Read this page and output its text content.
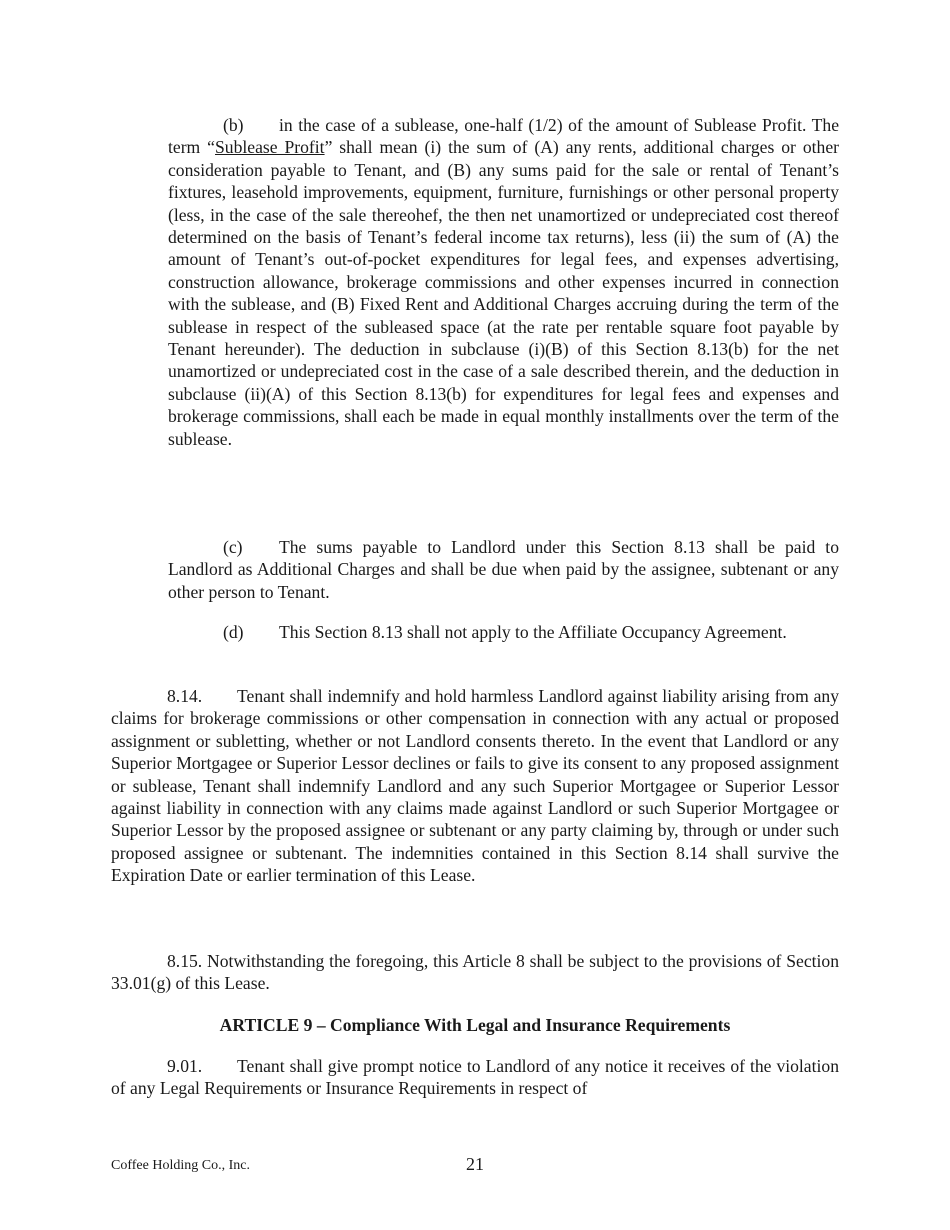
(b) in the case of a sublease, one-half (1/2) of the amount of Sublease Profit. The term “Sublease Profit” shall mean (i) the sum of (A) any rents, additional charges or other consideration payable to Tenant, and (B) any sums paid for the sale or rental of Tenant’s fixtures, leasehold improvements, equipment, furniture, furnishings or other personal property (less, in the case of the sale thereohef, the then net unamortized or undepreciated cost thereof determined on the basis of Tenant’s federal income tax returns), less (ii) the sum of (A) the amount of Tenant’s out-of-pocket expenditures for legal fees, and expenses advertising, construction allowance, brokerage commissions and other expenses incurred in connection with the sublease, and (B) Fixed Rent and Additional Charges accruing during the term of the sublease in respect of the subleased space (at the rate per rentable square foot payable by Tenant hereunder). The deduction in subclause (i)(B) of this Section 8.13(b) for the net unamortized or undepreciated cost in the case of a sale described therein, and the deduction in subclause (ii)(A) of this Section 8.13(b) for expenditures for legal fees and expenses and brokerage commissions, shall each be made in equal monthly installments over the term of the sublease.

(c) The sums payable to Landlord under this Section 8.13 shall be paid to Landlord as Additional Charges and shall be due when paid by the assignee, subtenant or any other person to Tenant.

(d) This Section 8.13 shall not apply to the Affiliate Occupancy Agreement.

8.14. Tenant shall indemnify and hold harmless Landlord against liability arising from any claims for brokerage commissions or other compensation in connection with any actual or proposed assignment or subletting, whether or not Landlord consents thereto. In the event that Landlord or any Superior Mortgagee or Superior Lessor declines or fails to give its consent to any proposed assignment or sublease, Tenant shall indemnify Landlord and any such Superior Mortgagee or Superior Lessor against liability in connection with any claims made against Landlord or such Superior Mortgagee or Superior Lessor by the proposed assignee or subtenant or any party claiming by, through or under such proposed assignee or subtenant. The indemnities contained in this Section 8.14 shall survive the Expiration Date or earlier termination of this Lease.

8.15. Notwithstanding the foregoing, this Article 8 shall be subject to the provisions of Section 33.01(g) of this Lease.

ARTICLE 9 – Compliance With Legal and Insurance Requirements

9.01. Tenant shall give prompt notice to Landlord of any notice it receives of the violation of any Legal Requirements or Insurance Requirements in respect of

Coffee Holding Co., Inc.	21
